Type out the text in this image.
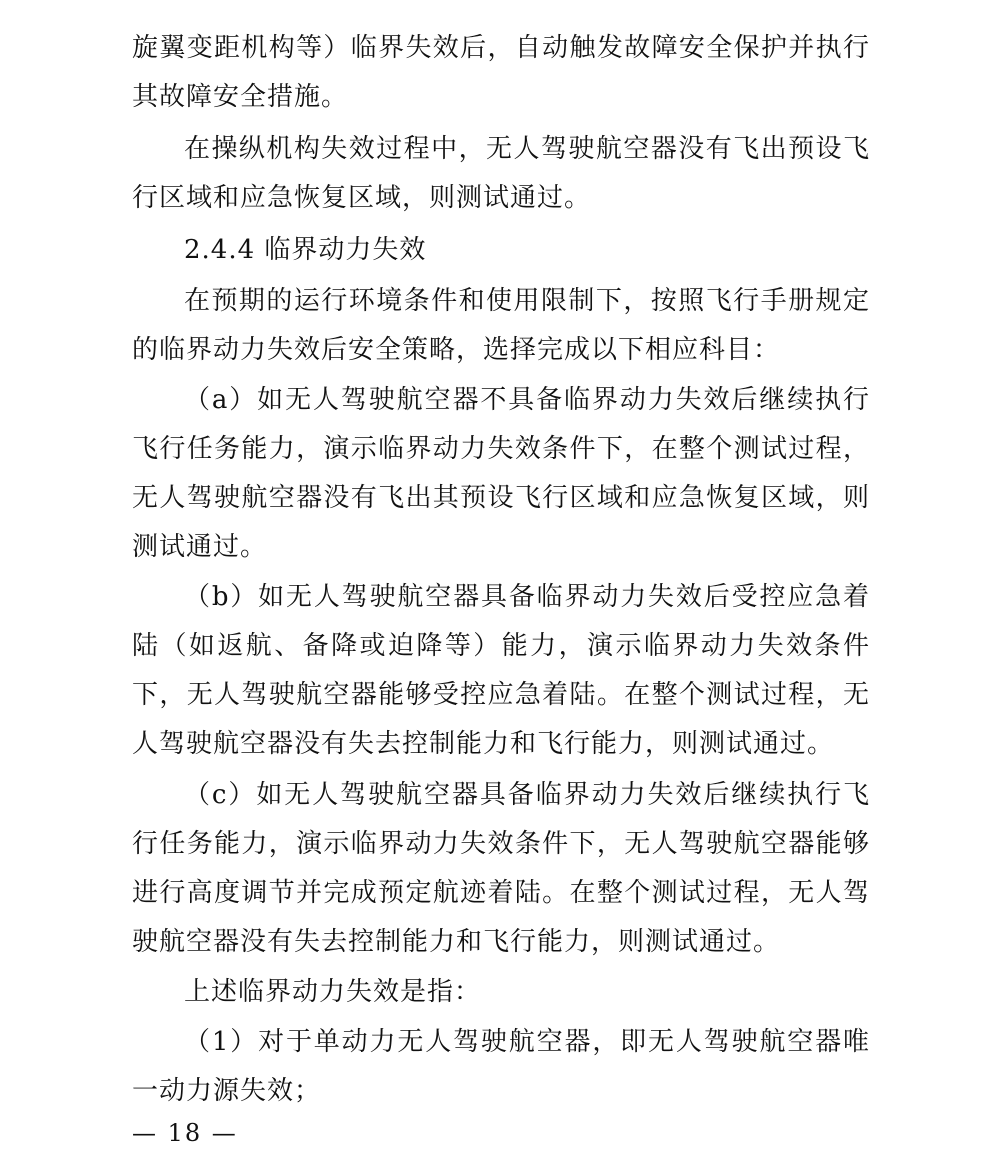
旋翼变距机构等）临界失效后，自动触发故障安全保护并执行其故障安全措施。

在操纵机构失效过程中，无人驾驶航空器没有飞出预设飞行区域和应急恢复区域，则测试通过。

2.4.4 临界动力失效

在预期的运行环境条件和使用限制下，按照飞行手册规定的临界动力失效后安全策略，选择完成以下相应科目：

（a）如无人驾驶航空器不具备临界动力失效后继续执行飞行任务能力，演示临界动力失效条件下，在整个测试过程，无人驾驶航空器没有飞出其预设飞行区域和应急恢复区域，则测试通过。

（b）如无人驾驶航空器具备临界动力失效后受控应急着陆（如返航、备降或迫降等）能力，演示临界动力失效条件下，无人驾驶航空器能够受控应急着陆。在整个测试过程，无人驾驶航空器没有失去控制能力和飞行能力，则测试通过。

（c）如无人驾驶航空器具备临界动力失效后继续执行飞行任务能力，演示临界动力失效条件下，无人驾驶航空器能够进行高度调节并完成预定航迹着陆。在整个测试过程，无人驾驶航空器没有失去控制能力和飞行能力，则测试通过。

上述临界动力失效是指：

（1）对于单动力无人驾驶航空器，即无人驾驶航空器唯一动力源失效；

— 18 —
